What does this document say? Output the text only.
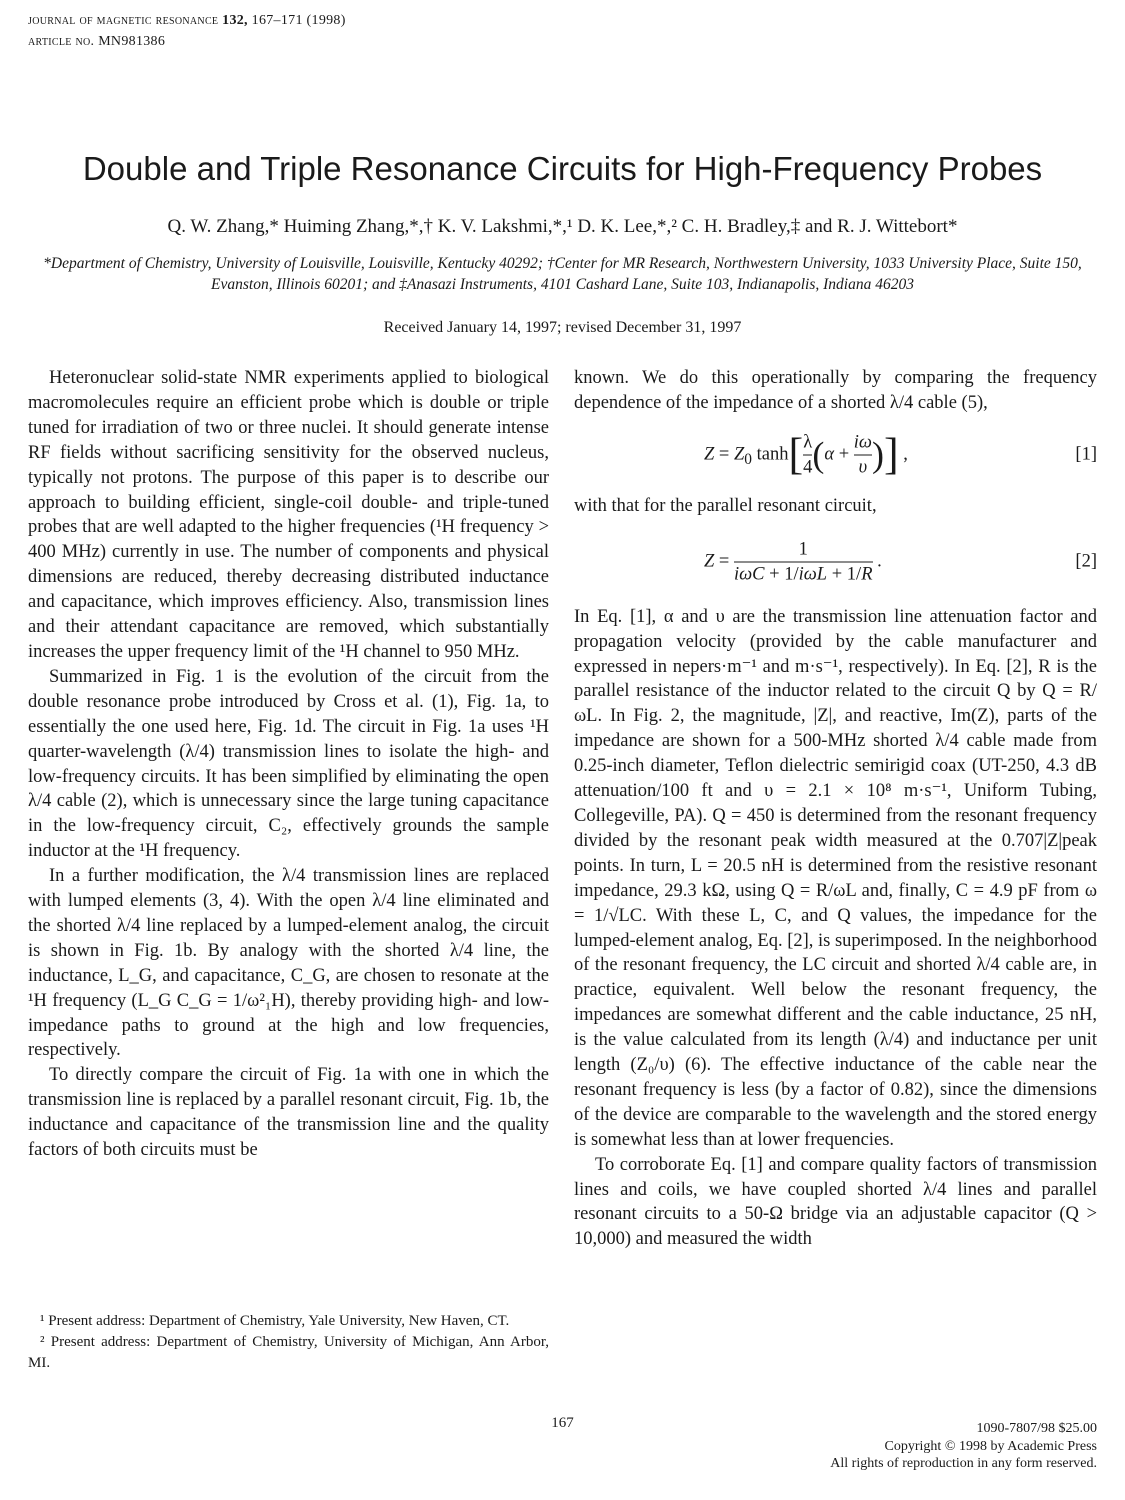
journal of magnetic resonance 132, 167–171 (1998)
article no. MN981386
Double and Triple Resonance Circuits for High-Frequency Probes
Q. W. Zhang,* Huiming Zhang,*,† K. V. Lakshmi,*,¹ D. K. Lee,*,² C. H. Bradley,‡ and R. J. Wittebort*
*Department of Chemistry, University of Louisville, Louisville, Kentucky 40292; †Center for MR Research, Northwestern University, 1033 University Place, Suite 150, Evanston, Illinois 60201; and ‡Anasazi Instruments, 4101 Cashard Lane, Suite 103, Indianapolis, Indiana 46203
Received January 14, 1997; revised December 31, 1997

Heteronuclear solid-state NMR experiments applied to biological macromolecules require an efficient probe which is double or triple tuned for irradiation of two or three nuclei. It should generate intense RF fields without sacrificing sensitivity for the observed nucleus, typically not protons. The purpose of this paper is to describe our approach to building efficient, single-coil double- and triple-tuned probes that are well adapted to the higher frequencies (¹H frequency > 400 MHz) currently in use. The number of components and physical dimensions are reduced, thereby decreasing distributed inductance and capacitance, which improves efficiency. Also, transmission lines and their attendant capacitance are removed, which substantially increases the upper frequency limit of the ¹H channel to 950 MHz.

Summarized in Fig. 1 is the evolution of the circuit from the double resonance probe introduced by Cross et al. (1), Fig. 1a, to essentially the one used here, Fig. 1d. The circuit in Fig. 1a uses ¹H quarter-wavelength (λ/4) transmission lines to isolate the high- and low-frequency circuits. It has been simplified by eliminating the open λ/4 cable (2), which is unnecessary since the large tuning capacitance in the low-frequency circuit, C₂, effectively grounds the sample inductor at the ¹H frequency.

In a further modification, the λ/4 transmission lines are replaced with lumped elements (3, 4). With the open λ/4 line eliminated and the shorted λ/4 line replaced by a lumped-element analog, the circuit is shown in Fig. 1b. By analogy with the shorted λ/4 line, the inductance, L_G, and capacitance, C_G, are chosen to resonate at the ¹H frequency (L_G C_G = 1/ω²₁H), thereby providing high- and low-impedance paths to ground at the high and low frequencies, respectively.

To directly compare the circuit of Fig. 1a with one in which the transmission line is replaced by a parallel resonant circuit, Fig. 1b, the inductance and capacitance of the transmission line and the quality factors of both circuits must be

known. We do this operationally by comparing the frequency dependence of the impedance of a shorted λ/4 cable (5),

$Z = Z_0$ $\tanh[ \frac{\lambda}{4} (\alpha + \frac{i\omega}{\upsilon}$ )] ,	[1]

with that for the parallel resonant circuit,

$Z = \frac{1}{\text{iωC + 1/iωL + 1/R}}$ .	[2]

In Eq. [1], α and υ are the transmission line attenuation factor and propagation velocity (provided by the cable manufacturer and expressed in nepers·m⁻¹ and m·s⁻¹, respectively). In Eq. [2], R is the parallel resistance of the inductor related to the circuit Q by Q = R/ωL. In Fig. 2, the magnitude, |Z|, and reactive, Im(Z), parts of the impedance are shown for a 500-MHz shorted λ/4 cable made from 0.25-inch diameter, Teflon dielectric semirigid coax (UT-250, 4.3 dB attenuation/100 ft and υ = 2.1 × 10⁸ m·s⁻¹, Uniform Tubing, Collegeville, PA). Q = 450 is determined from the resonant frequency divided by the resonant peak width measured at the 0.707|Z|peak points. In turn, L = 20.5 nH is determined from the resistive resonant impedance, 29.3 kΩ, using Q = R/ωL and, finally, C = 4.9 pF from ω = 1/√LC. With these L, C, and Q values, the impedance for the lumped-element analog, Eq. [2], is superimposed. In the neighborhood of the resonant frequency, the LC circuit and shorted λ/4 cable are, in practice, equivalent. Well below the resonant frequency, the impedances are somewhat different and the cable inductance, 25 nH, is the value calculated from its length (λ/4) and inductance per unit length (Z₀/υ) (6). The effective inductance of the cable near the resonant frequency is less (by a factor of 0.82), since the dimensions of the device are comparable to the wavelength and the stored energy is somewhat less than at lower frequencies.

To corroborate Eq. [1] and compare quality factors of transmission lines and coils, we have coupled shorted λ/4 lines and parallel resonant circuits to a 50-Ω bridge via an adjustable capacitor (Q > 10,000) and measured the width

¹ Present address: Department of Chemistry, Yale University, New Haven, CT.

² Present address: Department of Chemistry, University of Michigan, Ann Arbor, MI.

167	1090-7807/98 $25.00
Copyright © 1998 by Academic Press
All rights of reproduction in any form reserved.
